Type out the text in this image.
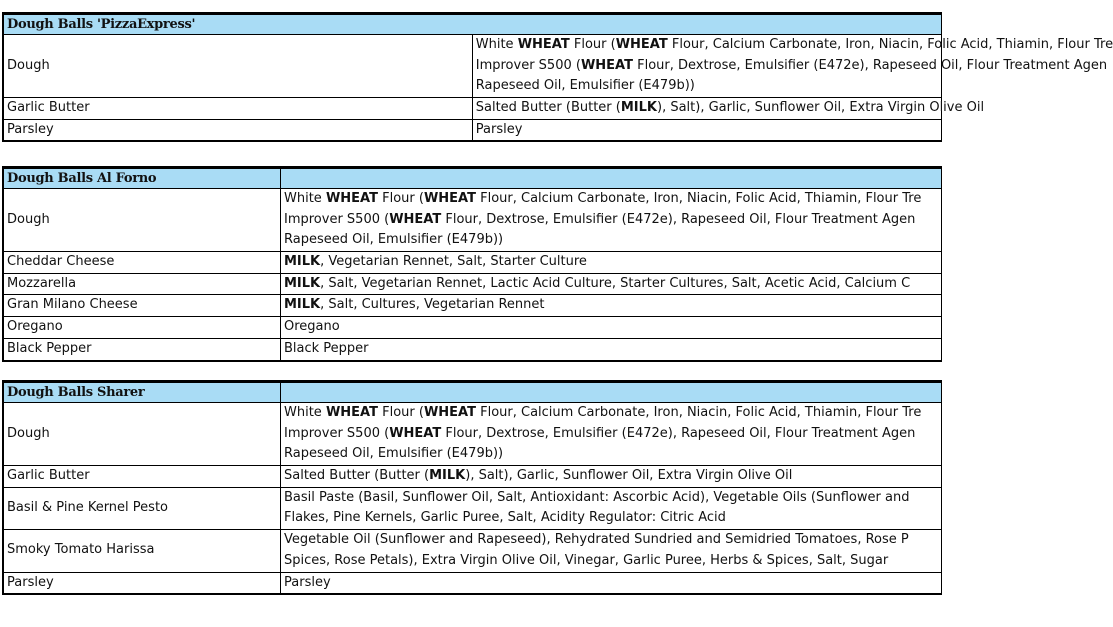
Dough Balls 'PizzaExpress'	
Dough	White WHEAT Flour (WHEAT Flour, Calcium Carbonate, Iron, Niacin, Folic Acid, Thiamin, Flour Tre
Improver S500 (WHEAT Flour, Dextrose, Emulsifier (E472e), Rapeseed Oil, Flour Treatment Agen
Rapeseed Oil, Emulsifier (E479b))

Garlic Butter	Salted Butter (Butter (MILK), Salt), Garlic, Sunflower Oil, Extra Virgin Olive Oil

Parsley	Parsley
Dough Balls Al Forno	
Dough	White WHEAT Flour (WHEAT Flour, Calcium Carbonate, Iron, Niacin, Folic Acid, Thiamin, Flour Tre
Improver S500 (WHEAT Flour, Dextrose, Emulsifier (E472e), Rapeseed Oil, Flour Treatment Agen
Rapeseed Oil, Emulsifier (E479b))

Cheddar Cheese	MILK, Vegetarian Rennet, Salt, Starter Culture

Mozzarella	MILK, Salt, Vegetarian Rennet, Lactic Acid Culture, Starter Cultures, Salt, Acetic Acid, Calcium C

Gran Milano Cheese	MILK, Salt, Cultures, Vegetarian Rennet

Oregano	Oregano

Black Pepper	Black Pepper
Dough Balls Sharer	
Dough	White WHEAT Flour (WHEAT Flour, Calcium Carbonate, Iron, Niacin, Folic Acid, Thiamin, Flour Tre
Improver S500 (WHEAT Flour, Dextrose, Emulsifier (E472e), Rapeseed Oil, Flour Treatment Agen
Rapeseed Oil, Emulsifier (E479b))

Garlic Butter	Salted Butter (Butter (MILK), Salt), Garlic, Sunflower Oil, Extra Virgin Olive Oil

Basil & Pine Kernel Pesto	Basil Paste (Basil, Sunflower Oil, Salt, Antioxidant: Ascorbic Acid), Vegetable Oils (Sunflower and
Flakes, Pine Kernels, Garlic Puree, Salt, Acidity Regulator: Citric Acid

Smoky Tomato Harissa	Vegetable Oil (Sunflower and Rapeseed), Rehydrated Sundried and Semidried Tomatoes, Rose P
Spices, Rose Petals), Extra Virgin Olive Oil, Vinegar, Garlic Puree, Herbs & Spices, Salt, Sugar

Parsley	Parsley
